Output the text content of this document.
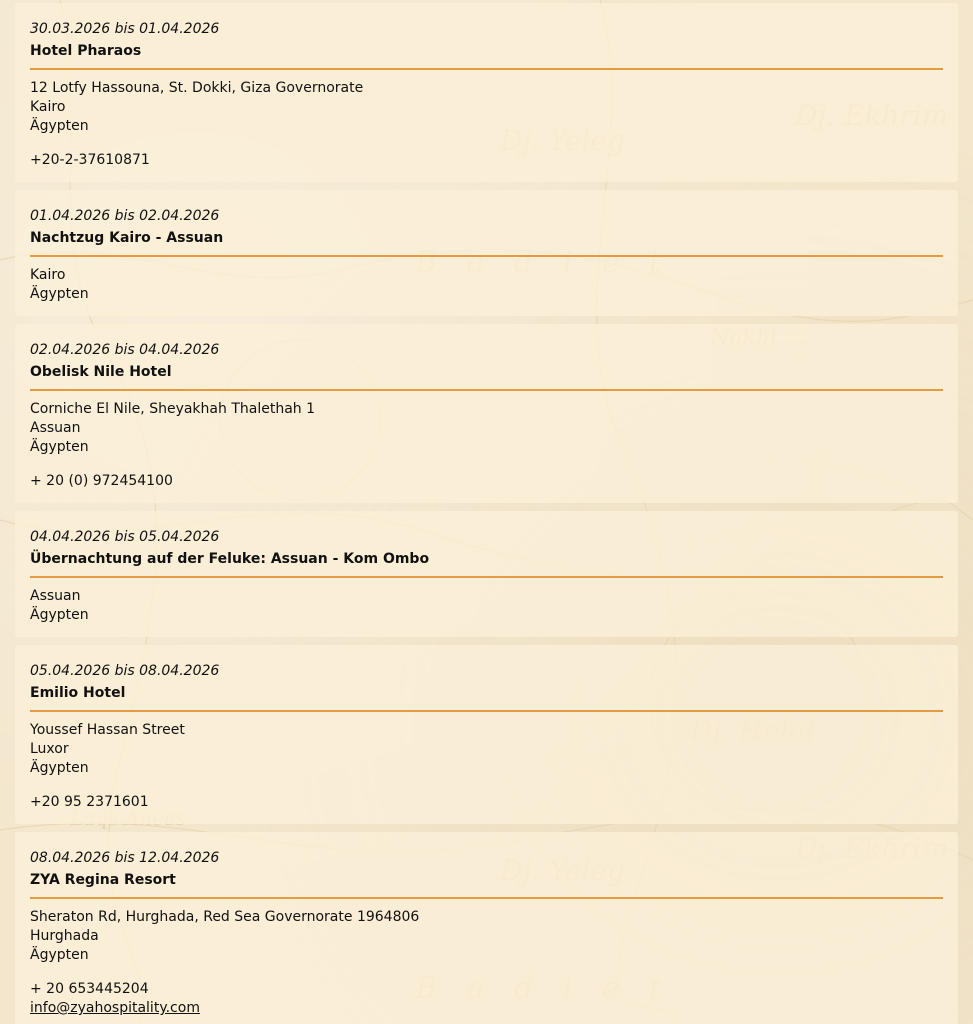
30.03.2026 bis 01.04.2026
Hotel Pharaos
12 Lotfy Hassouna, St. Dokki, Giza Governorate
Kairo
Ägypten
+20-2-37610871
01.04.2026 bis 02.04.2026
Nachtzug Kairo - Assuan
Kairo
Ägypten
02.04.2026 bis 04.04.2026
Obelisk Nile Hotel
Corniche El Nile, Sheyakhah Thalethah 1
Assuan
Ägypten
+ 20 (0) 972454100
04.04.2026 bis 05.04.2026
Übernachtung auf der Feluke: Assuan - Kom Ombo
Assuan
Ägypten
05.04.2026 bis 08.04.2026
Emilio Hotel
Youssef Hassan Street
Luxor
Ägypten
+20 95 2371601
08.04.2026 bis 12.04.2026
ZYA Regina Resort
Sheraton Rd, Hurghada, Red Sea Governorate 1964806
Hurghada
Ägypten
+ 20 653445204
info@zyahospitality.com
